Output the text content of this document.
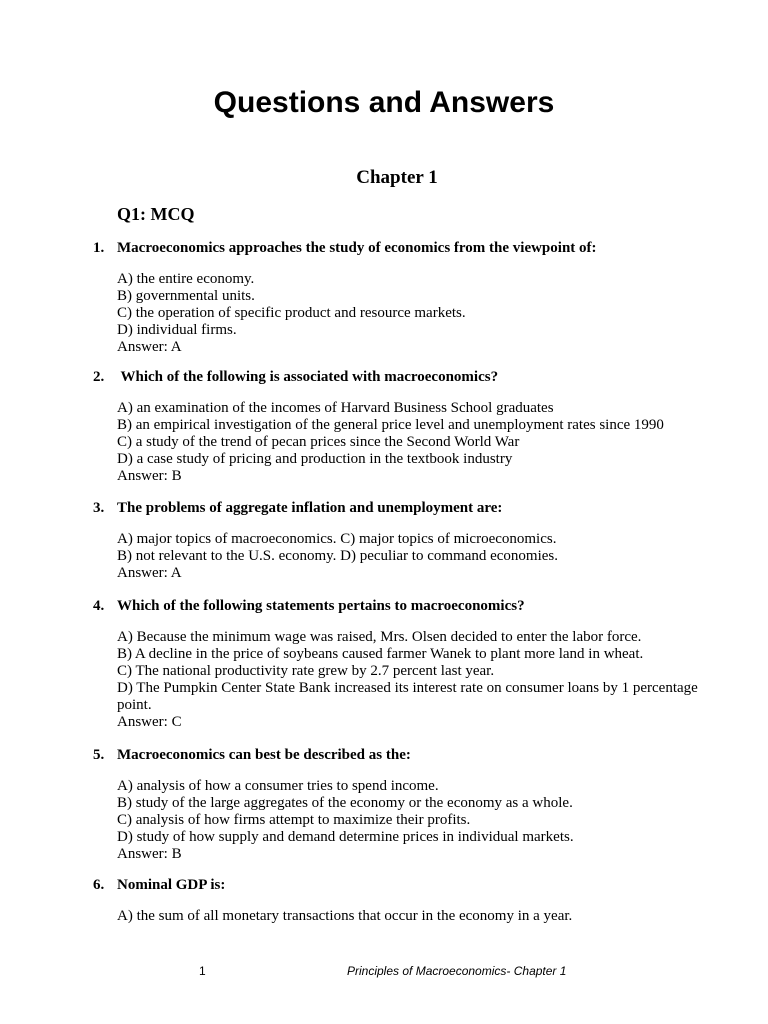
Questions and Answers
Chapter 1
Q1: MCQ

1. Macroeconomics approaches the study of economics from the viewpoint of:

A) the entire economy.
B) governmental units.
C) the operation of specific product and resource markets.
D) individual firms.
Answer: A

2. Which of the following is associated with macroeconomics?

A) an examination of the incomes of Harvard Business School graduates
B) an empirical investigation of the general price level and unemployment rates since 1990
C) a study of the trend of pecan prices since the Second World War
D) a case study of pricing and production in the textbook industry
Answer: B

3. The problems of aggregate inflation and unemployment are:

A) major topics of macroeconomics. C) major topics of microeconomics.
B) not relevant to the U.S. economy. D) peculiar to command economies.
Answer: A

4. Which of the following statements pertains to macroeconomics?

A) Because the minimum wage was raised, Mrs. Olsen decided to enter the labor force.
B) A decline in the price of soybeans caused farmer Wanek to plant more land in wheat.
C) The national productivity rate grew by 2.7 percent last year.
D) The Pumpkin Center State Bank increased its interest rate on consumer loans by 1 percentage point.
Answer: C

5. Macroeconomics can best be described as the:

A) analysis of how a consumer tries to spend income.
B) study of the large aggregates of the economy or the economy as a whole.
C) analysis of how firms attempt to maximize their profits.
D) study of how supply and demand determine prices in individual markets.
Answer: B

6. Nominal GDP is:

A) the sum of all monetary transactions that occur in the economy in a year.
1	Principles of Macroeconomics- Chapter 1
